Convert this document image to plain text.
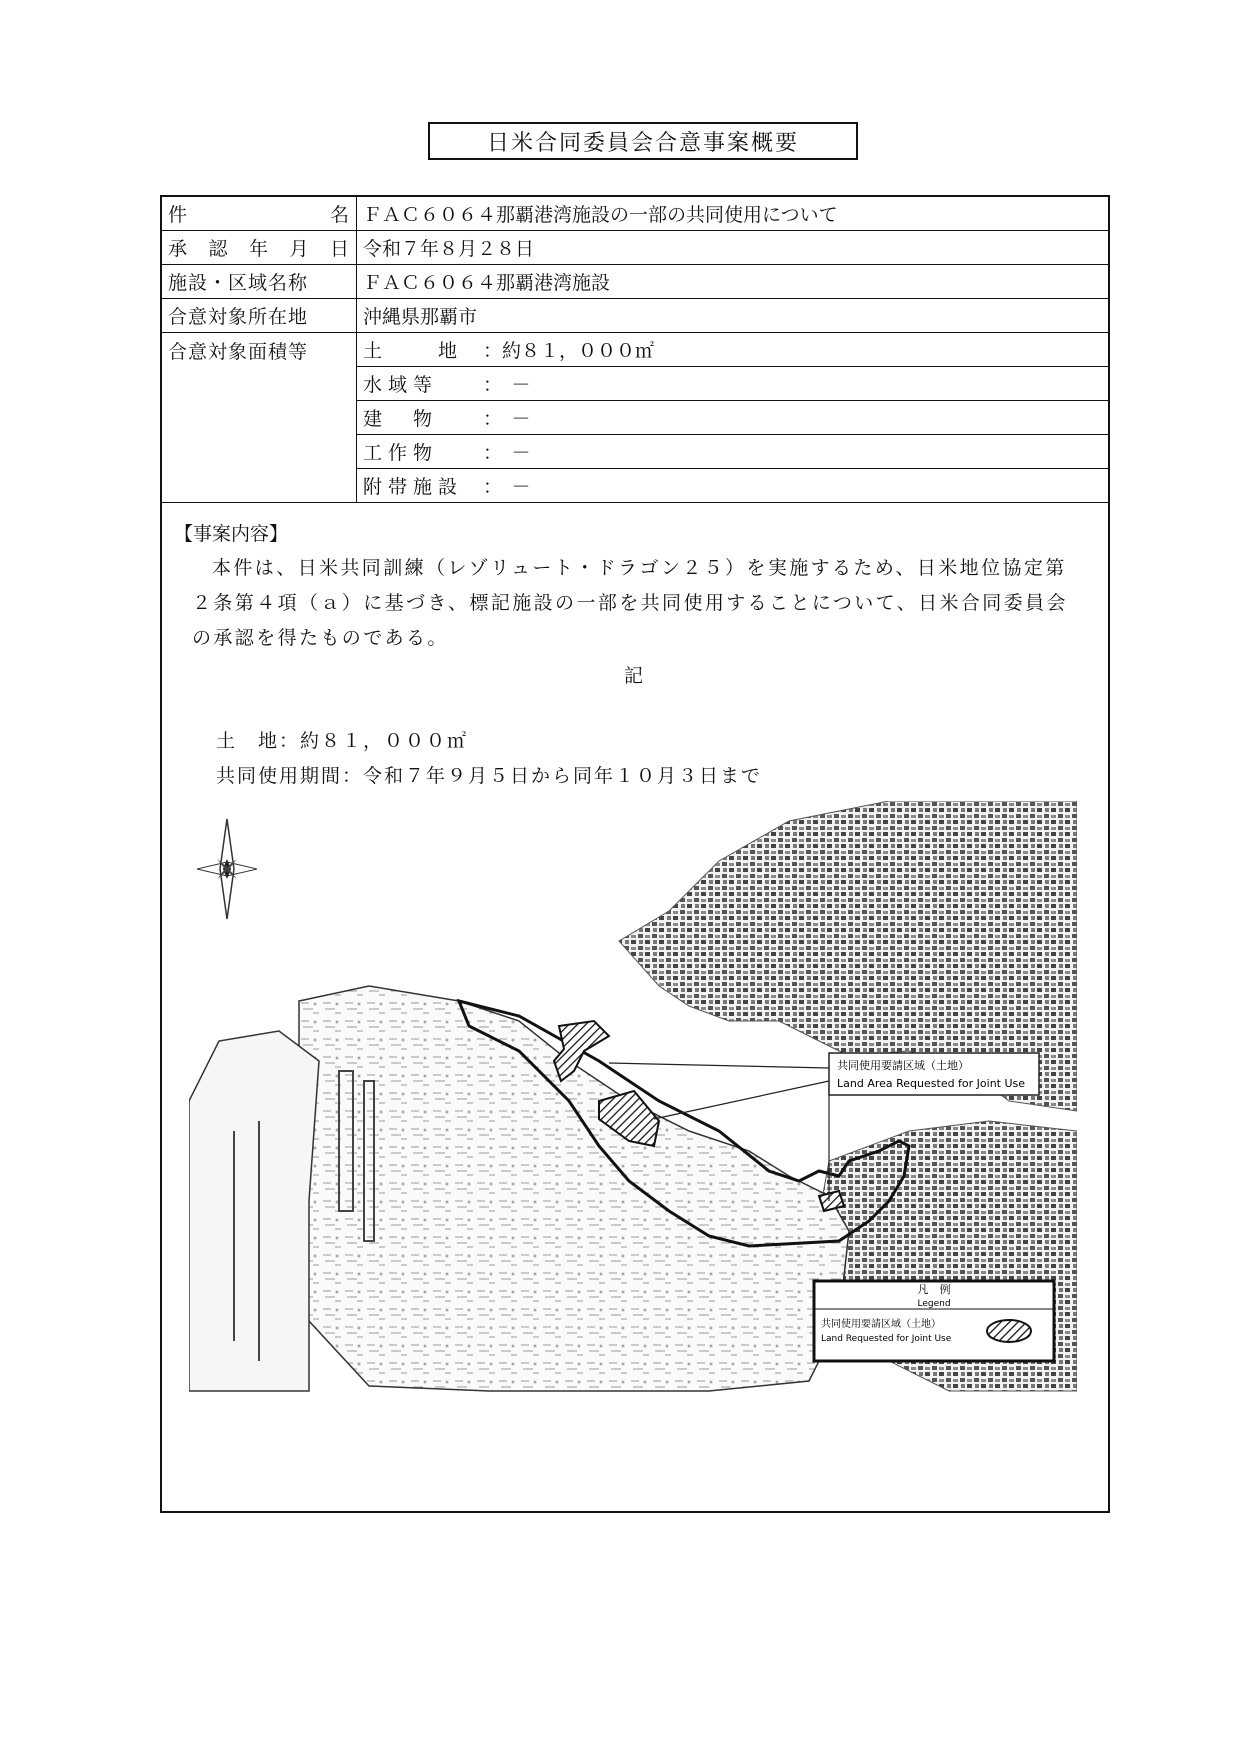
日米合同委員会合意事案概要
件 名	ＦＡＣ６０６４那覇港湾施設の一部の共同使用について

承 認 年 月 日	令和７年８月２８日
施設・区域名称	ＦＡＣ６０６４那覇港湾施設
合意対象所在地	沖縄県那覇市
合意対象面積等	土　　地 ：約８１，０００㎡
	水域等 ：　－
	建　物 ：　－
	工作物 ：　－
	附帯施設 ：　－
【事案内容】
本件は、日米共同訓練（レゾリュート・ドラゴン２５）を実施するため、日米地位協定第２条第４項（ａ）に基づき、標記施設の一部を共同使用することについて、日米合同委員会の承認を得たものである。
記
土　地：約８１，０００㎡
共同使用期間：令和７年９月５日から同年１０月３日まで
共同使用要請区域（土地）
Land Area Requested for Joint Use
凡　例
Legend
共同使用要請区域（土地）
Land Requested for Joint Use
